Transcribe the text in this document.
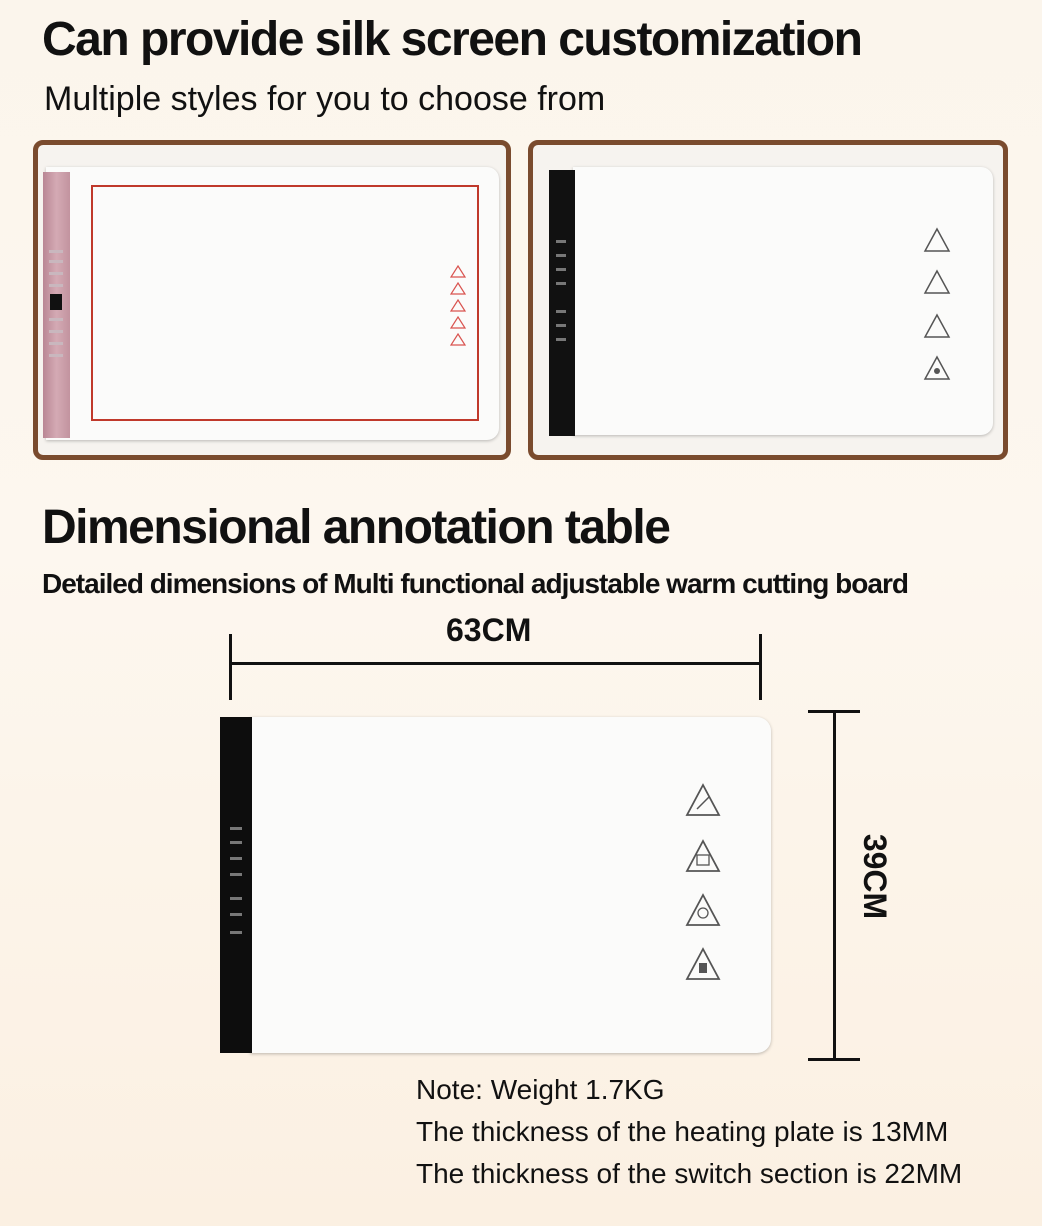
Can provide silk screen customization
Multiple styles for you to choose from
Dimensional annotation table
Detailed dimensions of Multi functional adjustable warm cutting board
63CM
39CM
Note: Weight 1.7KG
The thickness of the heating plate is 13MM
The thickness of the switch section is 22MM
